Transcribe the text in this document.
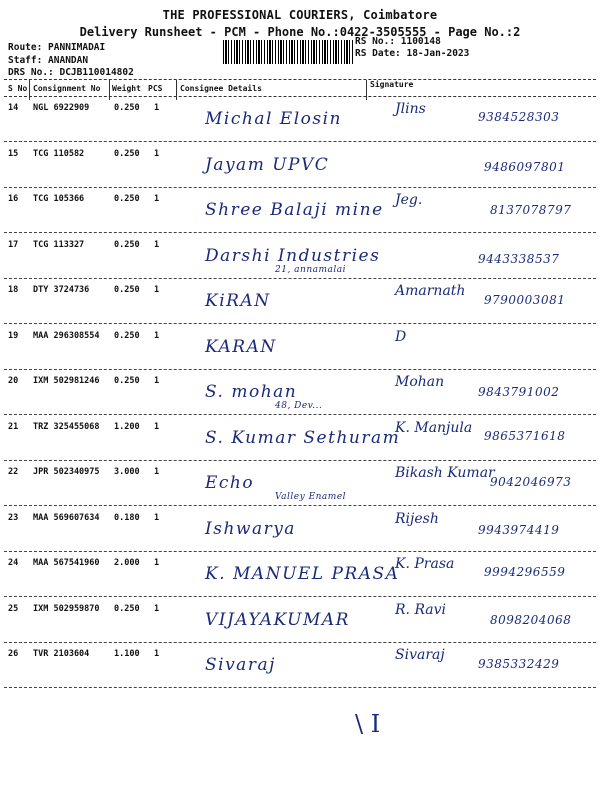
THE PROFESSIONAL COURIERS, Coimbatore
Delivery Runsheet - PCM - Phone No.:0422-3505555 - Page No.:2
Route: PANNIMADAI
Staff: ANANDAN
DRS No.: DCJB110014802
RS No.: 1100148
RS Date: 18-Jan-2023
S No Consignment No Weight PCS Consignee Details	Signature
14 NGL 6922909	0.250 1
Michal Elosin	Jlins	9384528303
15 TCG 110582	0.250 1
Jayam UPVC	9486097801
16 TCG 105366	0.250 1
Shree Balaji mine Jeg.
8137078797
17 TCG 113327	0.250 1
Darshi Industries
21, annamalai
9443338537
18 DTY 3724736	0.250 1
KiRAN	Amarnath
9790003081
19 MAA 296308554 0.250 1
KARAN	D
20 IXM 502981246 0.250 1
S. mohan
48, Dev...
Mohan
9843791002
21 TRZ 325455068 1.200 1
S. Kumar Sethuram
K. Manjula 9865371618
22 JPR 502340975 3.000 1
Echo
Valley Enamel
Bikash Kumar
9042046973
23 MAA 569607634 0.180 1
Ishwarya	Rijesh
9943974419
24 MAA 567541960 2.000 1
K. MANUEL PRASA
K. Prasa 9994296559
25 IXM 502959870 0.250 1
VIJAYAKUMAR	R. Ravi
8098204068
26 TVR 2103604	1.100 1
Sivaraj	Sivaraj
9385332429
\ I
